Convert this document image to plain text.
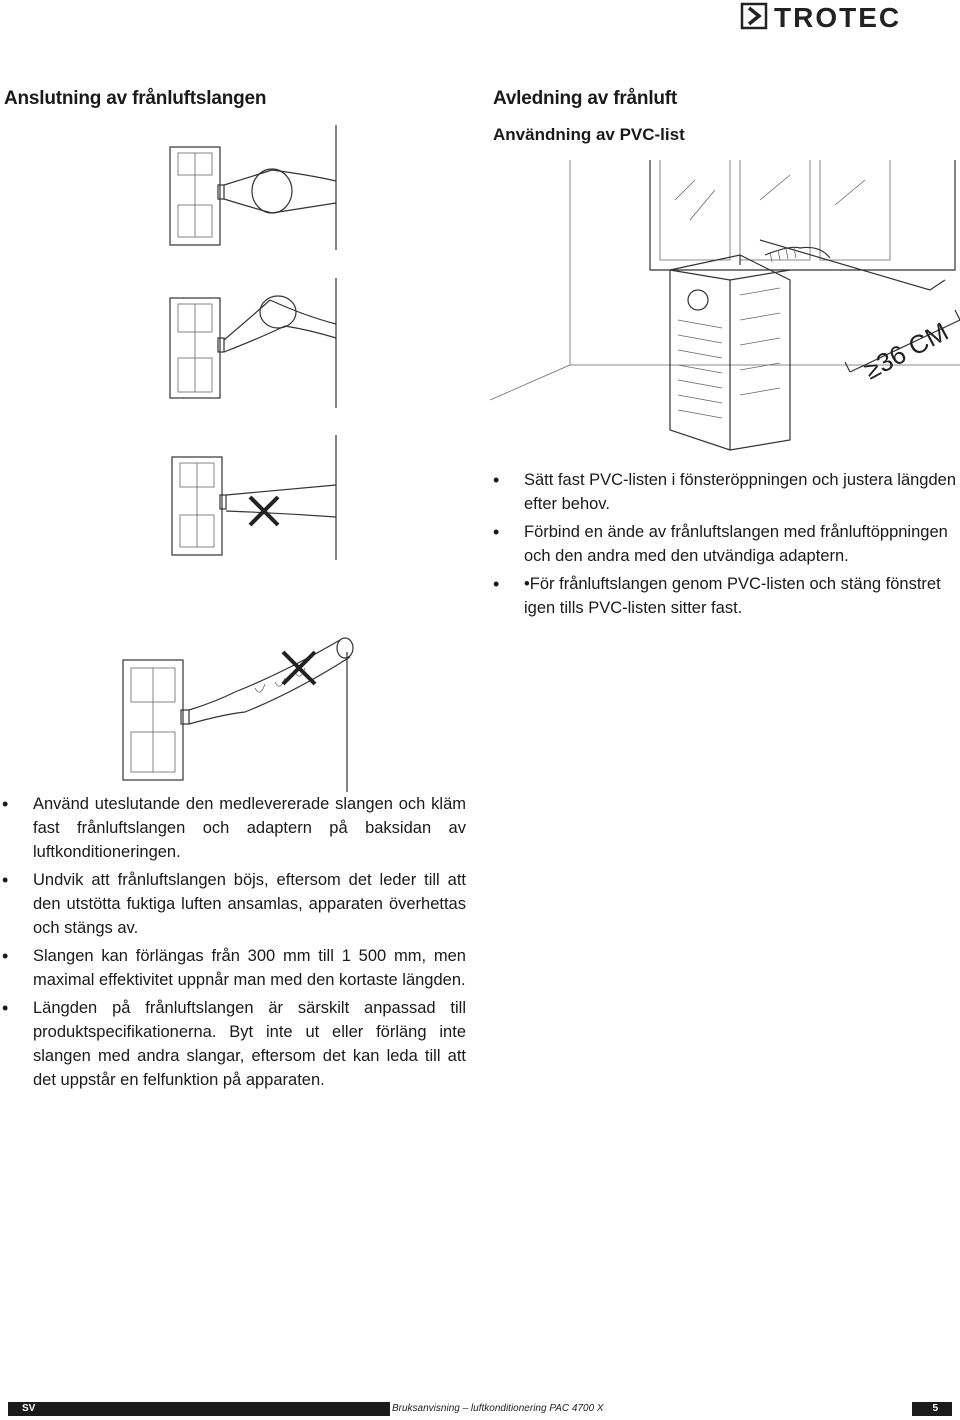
TROTEC
Anslutning av frånluftslangen	Avledning av frånluft
Användning av PVC-list
≥36 CM
• Sätt fast PVC-listen i fönsteröppningen och justera längden efter behov.
• Förbind en ände av frånluftslangen med frånluftöppningen och den andra med den utvändiga adaptern.
• •För frånluftslangen genom PVC-listen och stäng fönstret igen tills PVC-listen sitter fast.
• Använd uteslutande den medlevererade slangen och kläm fast frånluftslangen och adaptern på baksidan av luftkonditioneringen.
• Undvik att frånluftslangen böjs, eftersom det leder till att den utstötta fuktiga luften ansamlas, apparaten överhettas och stängs av.
• Slangen kan förlängas från 300 mm till 1 500 mm, men maximal effektivitet uppnår man med den kortaste längden.
• Längden på frånluftslangen är särskilt anpassad till produktspecifikationerna. Byt inte ut eller förläng inte slangen med andra slangar, eftersom det kan leda till att det uppstår en felfunktion på apparaten.
SV	Bruksanvisning – luftkonditionering PAC 4700 X	5
